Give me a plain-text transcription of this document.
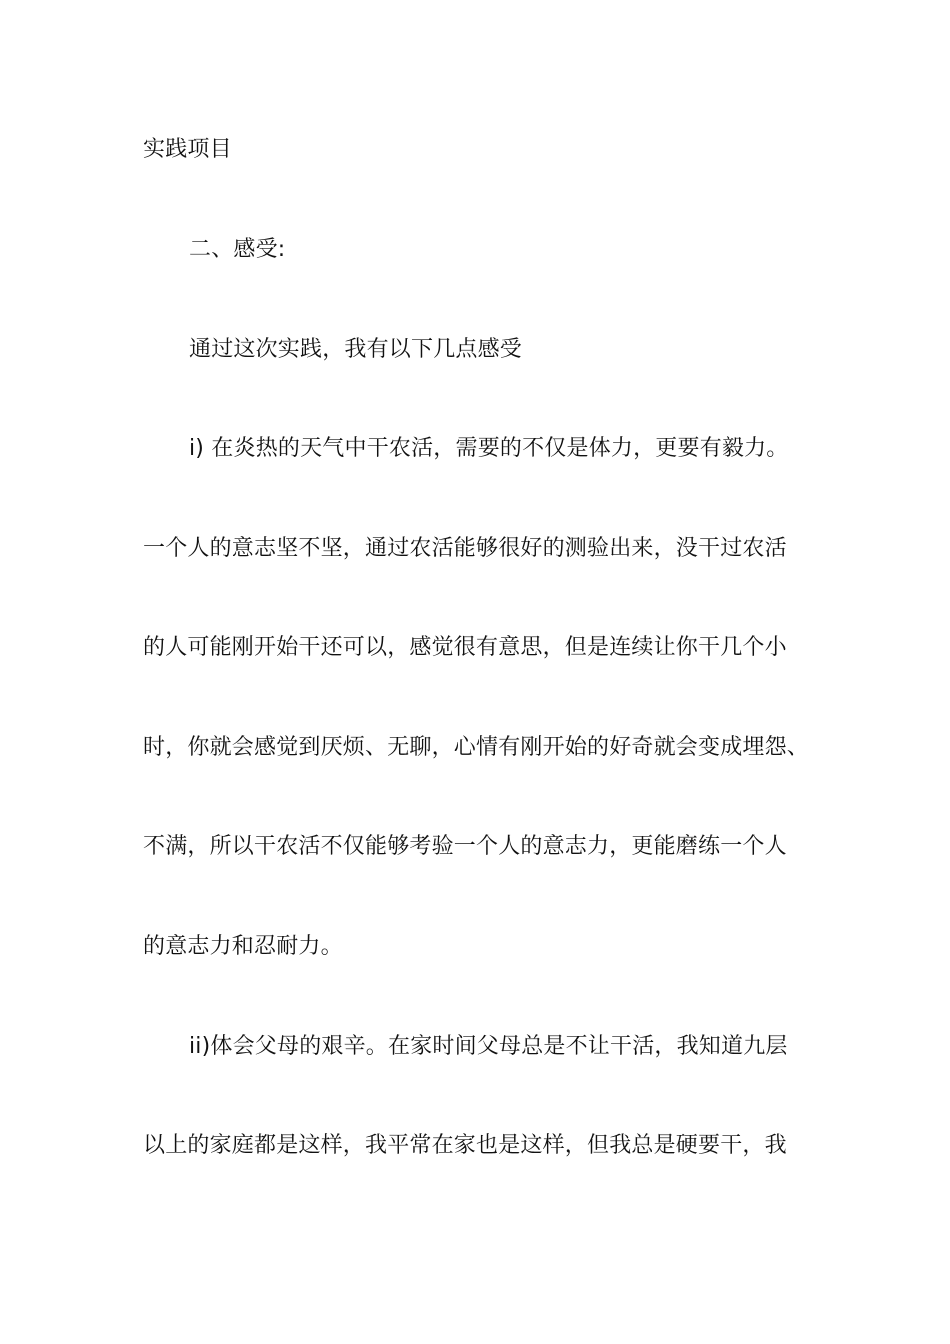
实践项目
二、感受:
通过这次实践，我有以下几点感受
i) 在炎热的天气中干农活，需要的不仅是体力，更要有毅力。
一个人的意志坚不坚，通过农活能够很好的测验出来，没干过农活
的人可能刚开始干还可以，感觉很有意思，但是连续让你干几个小
时，你就会感觉到厌烦、无聊，心情有刚开始的好奇就会变成埋怨、
不满，所以干农活不仅能够考验一个人的意志力，更能磨练一个人
的意志力和忍耐力。
ii)体会父母的艰辛。在家时间父母总是不让干活，我知道九层
以上的家庭都是这样，我平常在家也是这样，但我总是硬要干，我
